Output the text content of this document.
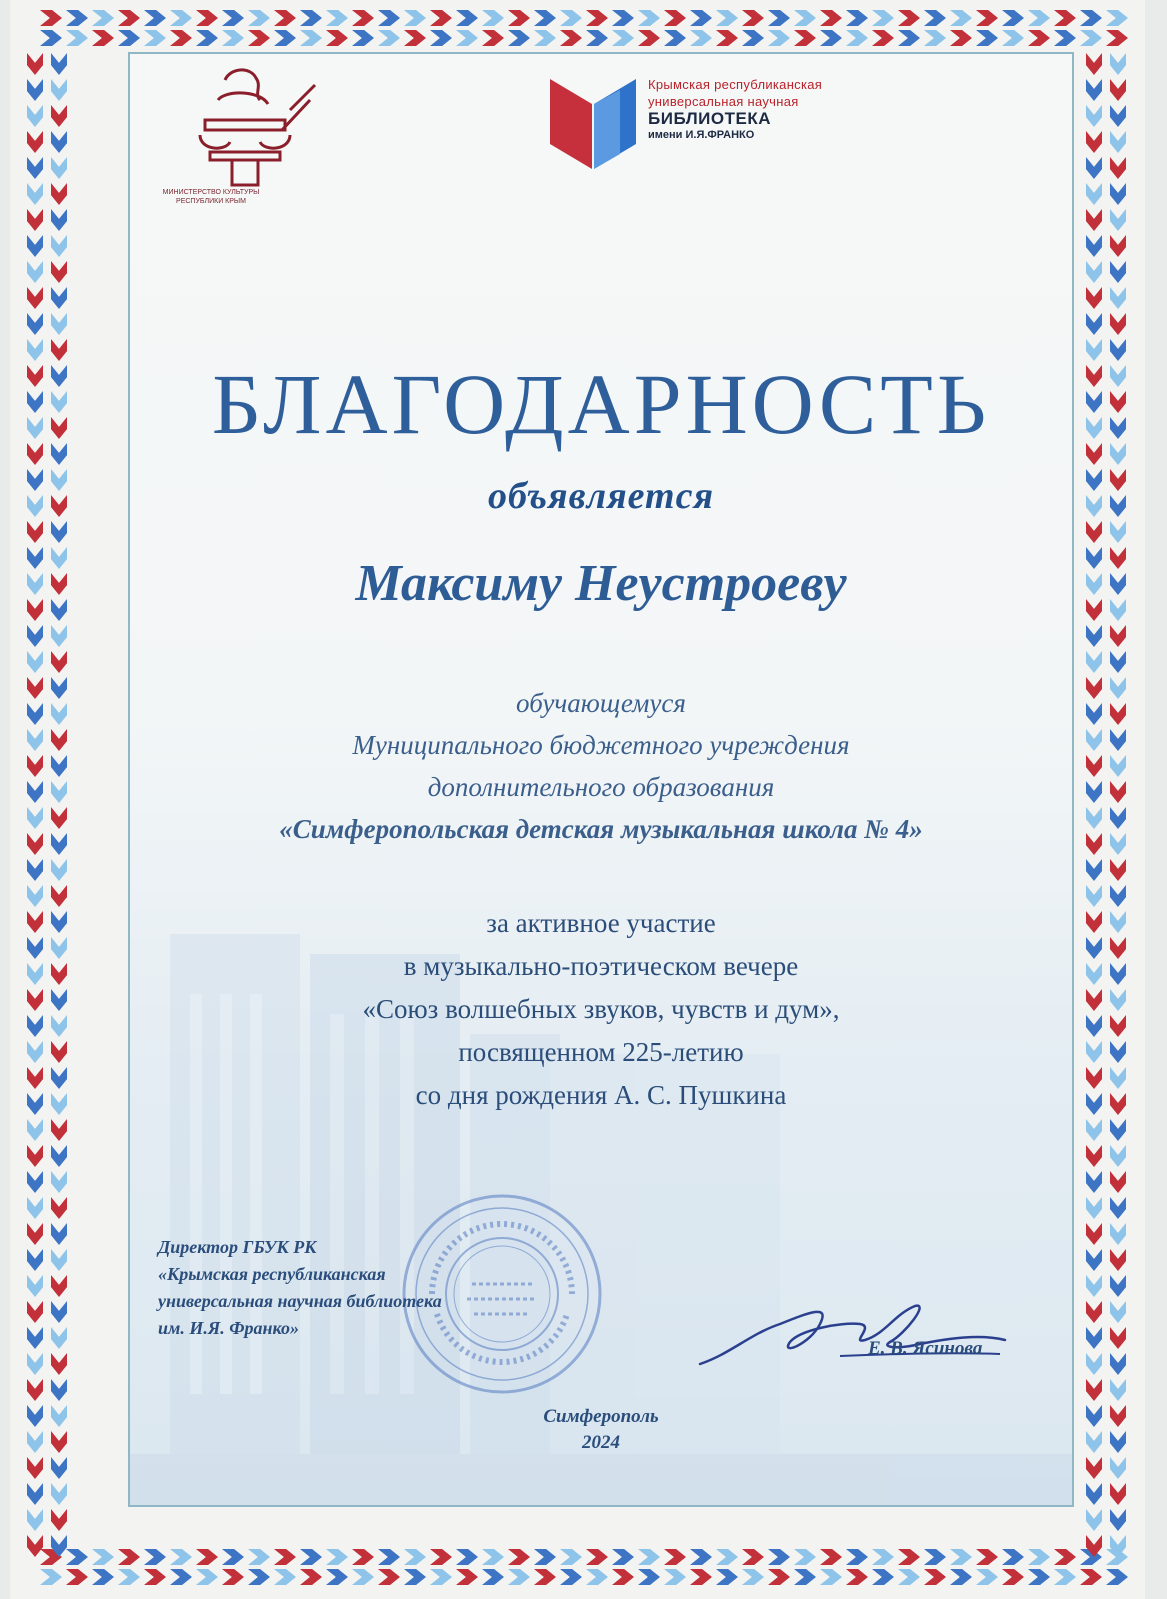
БЛАГОДАРНОСТЬ
объявляется
Максиму Неустроеву
обучающемуся
Муниципального бюджетного учреждения
дополнительного образования
«Симферопольская детская музыкальная школа № 4»
за активное участие
в музыкально-поэтическом вечере
«Союз волшебных звуков, чувств и дум»,
посвященном 225-летию
со дня рождения А. С. Пушкина
Директор ГБУК РК
«Крымская республиканская
универсальная научная библиотека
им. И.Я. Франко»
Е. В. Ясинова
Симферополь
2024
МИНИСТЕРСТВО КУЛЬТУРЫ
РЕСПУБЛИКИ КРЫМ
Крымская республиканская
универсальная научная
БИБЛИОТЕКА
имени И.Я.ФРАНКО
